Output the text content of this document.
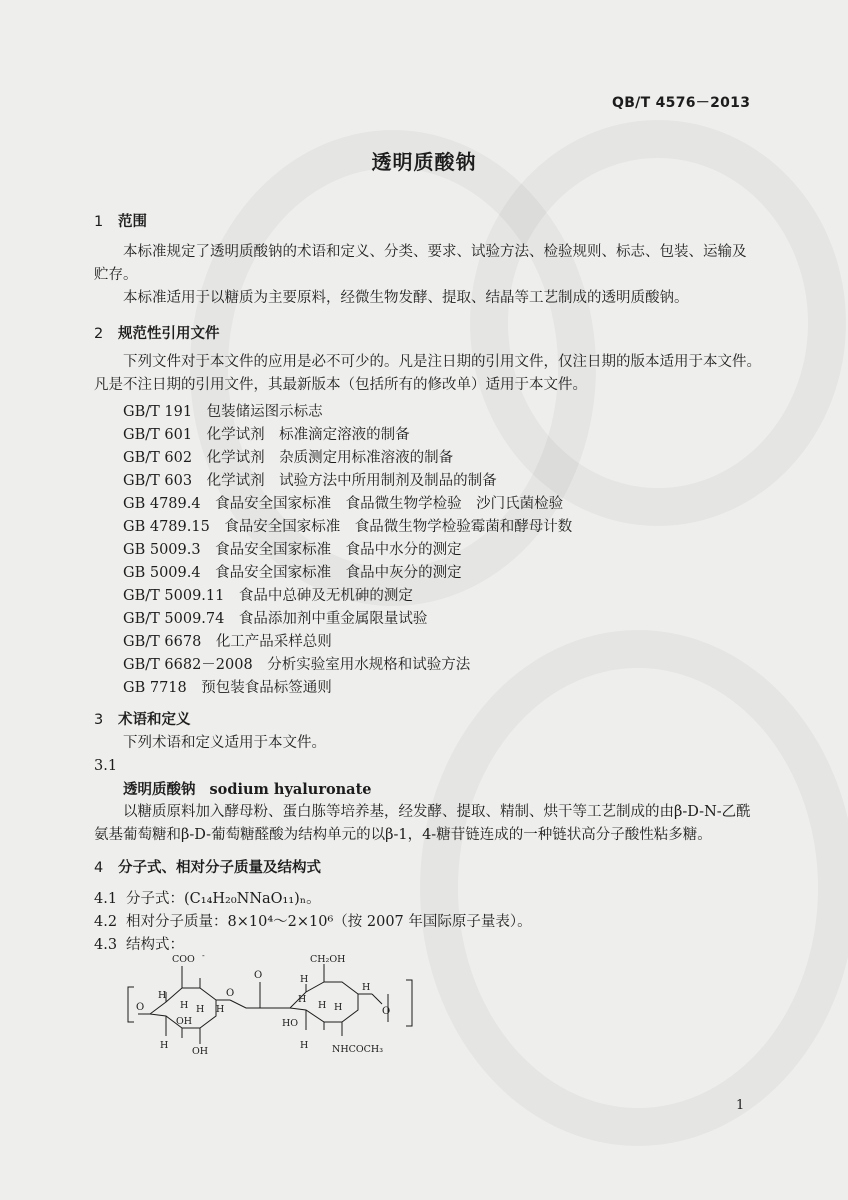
QB/T 4576－2013
透明质酸钠
1 范围
本标准规定了透明质酸钠的术语和定义、分类、要求、试验方法、检验规则、标志、包装、运输及
贮存。
本标准适用于以糖质为主要原料，经微生物发酵、提取、结晶等工艺制成的透明质酸钠。
2 规范性引用文件
下列文件对于本文件的应用是必不可少的。凡是注日期的引用文件，仅注日期的版本适用于本文件。
凡是不注日期的引用文件，其最新版本（包括所有的修改单）适用于本文件。
GB/T 191　 包装储运图示标志
GB/T 601　 化学试剂　标准滴定溶液的制备
GB/T 602　 化学试剂　杂质测定用标准溶液的制备
GB/T 603　 化学试剂　试验方法中所用制剂及制品的制备
GB 4789.4　 食品安全国家标准　食品微生物学检验　沙门氏菌检验
GB 4789.15　 食品安全国家标准　食品微生物学检验霉菌和酵母计数
GB 5009.3　 食品安全国家标准　食品中水分的测定
GB 5009.4　 食品安全国家标准　食品中灰分的测定
GB/T 5009.11　 食品中总砷及无机砷的测定
GB/T 5009.74　 食品添加剂中重金属限量试验
GB/T 6678　 化工产品采样总则
GB/T 6682－2008　 分析实验室用水规格和试验方法
GB 7718　 预包装食品标签通则
3 术语和定义
下列术语和定义适用于本文件。
3.1
透明质酸钠 sodium hyaluronate
以糖质原料加入酵母粉、蛋白胨等培养基，经发酵、提取、精制、烘干等工艺制成的由β-D-N-乙酰
氨基葡萄糖和β-D-葡萄糖醛酸为结构单元的以β-1，4-糖苷链连成的一种链状高分子酸性粘多糖。
4 分子式、相对分子质量及结构式
4.1 分子式：(C₁₄H₂₀NNaO₁₁)ₙ。
4.2 相对分子质量：8×10⁴～2×10⁶（按 2007 年国际原子量表）。
4.3 结构式：
O
COO -
H
H
OH
H
OH
H H
O
O
CH₂OH
H
H
HO
H H
H NHCOCH₃
H
O
1
